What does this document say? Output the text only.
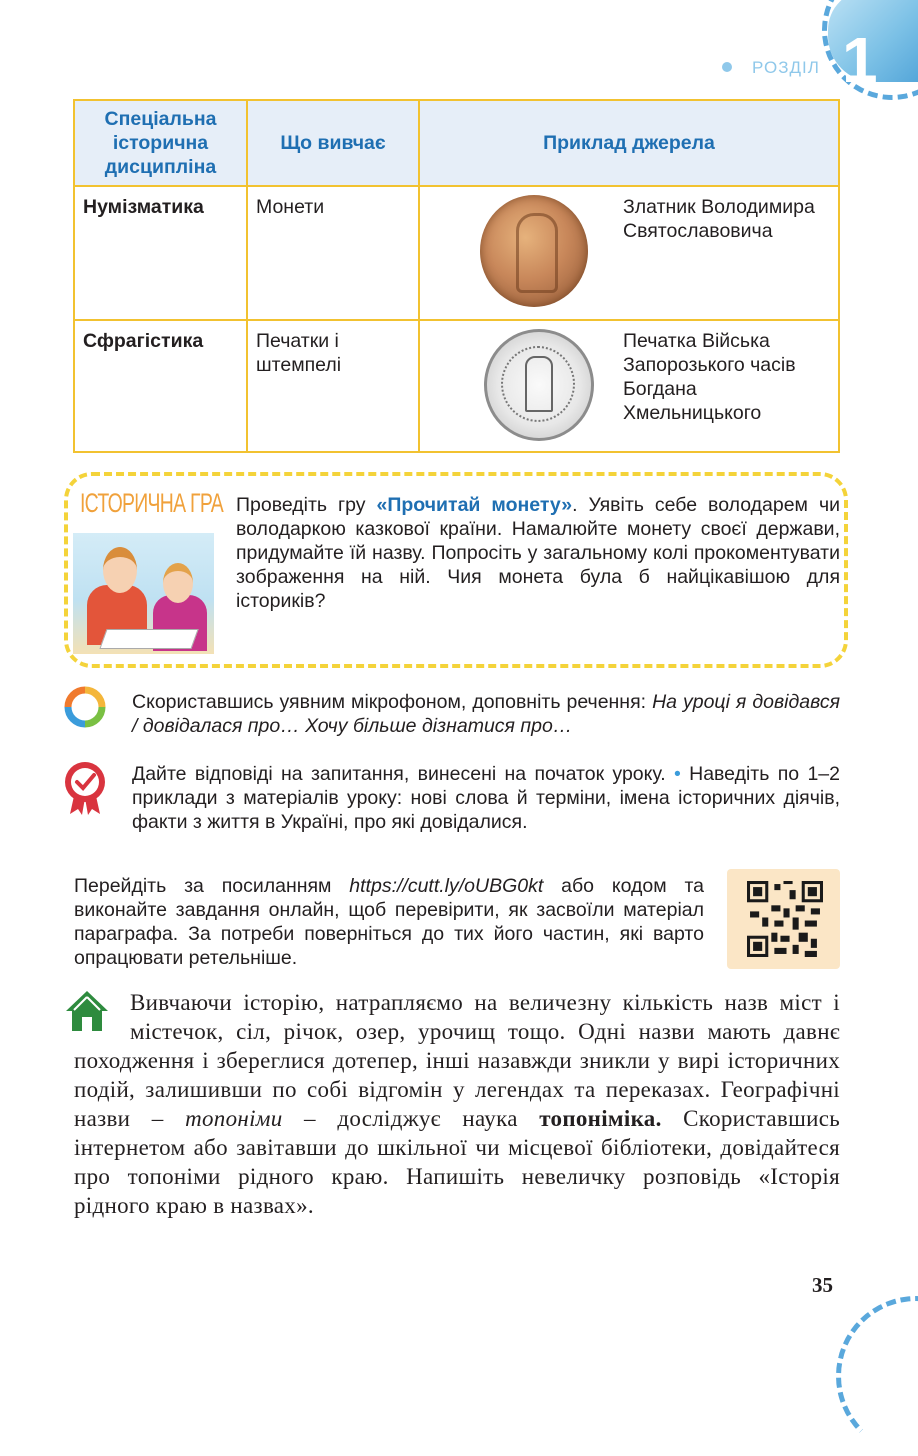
1
РОЗДІЛ
Спеціальна історична дисципліна	Що вивчає	Приклад джерела
Нумізматика	Монети	Златник Володимира Святославовича

Сфрагістика	Печатки і штемпелі	Печатка Війська Запорозького часів Богдана Хмельницького
ІСТОРИЧНА ГРА Проведіть гру «Прочитай монету». Уявіть себе володарем чи володаркою казкової країни. Намалюйте монету своєї держави, придумайте їй назву. Попросіть у загальному колі прокоментувати зображення на ній. Чия монета була б найцікавішою для істориків?
Скориставшись уявним мікрофоном, доповніть речення: На уроці я довідався / довідалася про… Хочу більше дізнатися про…
Дайте відповіді на запитання, винесені на початок уроку. • Наведіть по 1–2 приклади з матеріалів уроку: нові слова й терміни, імена історичних діячів, факти з життя в Україні, про які довідалися.
Перейдіть за посиланням https://cutt.ly/oUBG0kt або кодом та виконайте завдання онлайн, щоб перевірити, як засвоїли матеріал параграфа. За потреби поверніться до тих його частин, які варто опрацювати ретельніше.
Вивчаючи історію, натрапляємо на величезну кількість назв міст і містечок, сіл, річок, озер, урочищ тощо. Одні назви мають давнє походження і збереглися дотепер, інші назавжди зникли у вирі історичних подій, залишивши по собі відгомін у легендах та переказах. Географічні назви – топоніми – досліджує наука топоніміка. Скориставшись інтернетом або завітавши до шкільної чи місцевої бібліотеки, довідайтеся про топоніми рідного краю. Напишіть невеличку розповідь «Історія рідного краю в назвах».
35
